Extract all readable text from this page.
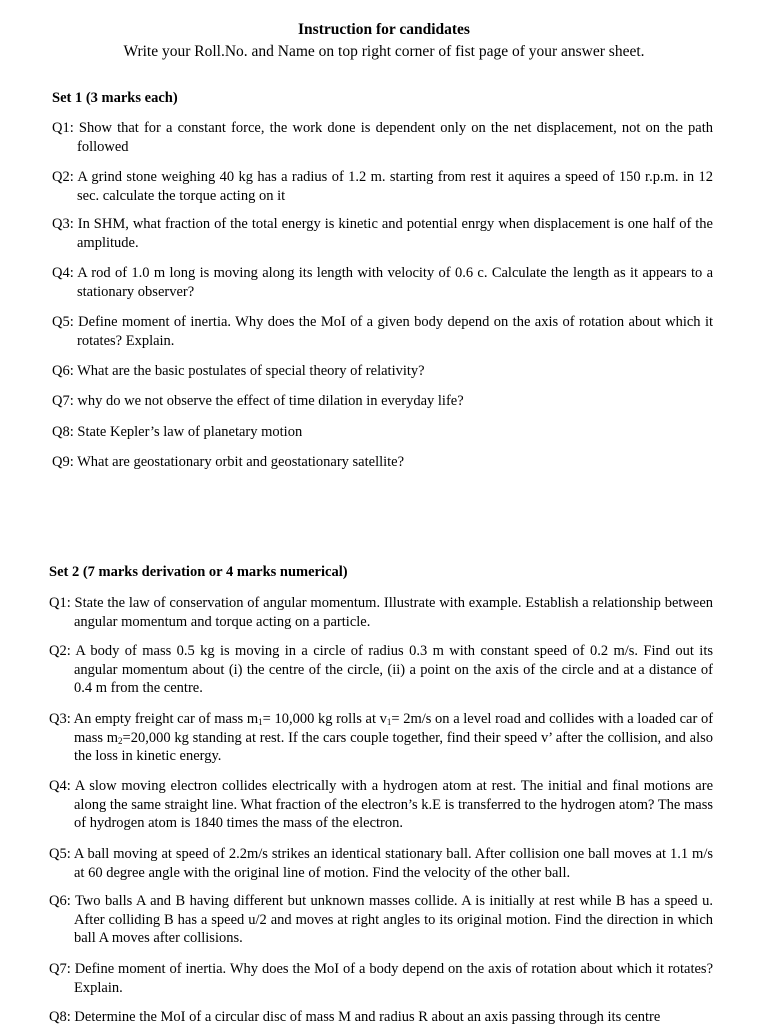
Instruction for candidates
Write your Roll.No. and Name on top right corner of fist page of your answer sheet.
Set 1 (3 marks each)
Q1: Show that for a constant force, the work done is dependent only on the net displacement, not on the path followed
Q2: A grind stone weighing 40 kg has a radius of 1.2 m. starting from rest it aquires a speed of 150 r.p.m. in 12 sec. calculate the torque acting on it
Q3: In SHM, what fraction of the total energy is kinetic and potential enrgy when displacement is one half of the amplitude.
Q4: A rod of 1.0 m long is moving along its length with velocity of 0.6 c. Calculate the length as it appears to a stationary observer?
Q5: Define moment of inertia. Why does the MoI of a given body depend on the axis of rotation about which it rotates? Explain.
Q6: What are the basic postulates of special theory of relativity?
Q7: why do we not observe the effect of time dilation in everyday life?
Q8: State Kepler’s law of planetary motion
Q9: What are geostationary orbit and geostationary satellite?
Set 2 (7 marks derivation or 4 marks numerical)
Q1: State the law of conservation of angular momentum. Illustrate with example. Establish a relationship between angular momentum and torque acting on a particle.
Q2: A body of mass 0.5 kg is moving in a circle of radius 0.3 m with constant speed of 0.2 m/s. Find out its angular momentum about (i) the centre of the circle, (ii) a point on the axis of the circle and at a distance of 0.4 m from the centre.
Q3: An empty freight car of mass $m_1= 10,000$ kg rolls at $v_1= 2m/s$ on a level road and collides with a loaded car of mass $m_2=20,000$ kg standing at rest. If the cars couple together, find their speed v’ after the collision, and also the loss in kinetic energy.
Q4: A slow moving electron collides electrically with a hydrogen atom at rest. The initial and final motions are along the same straight line. What fraction of the electron’s k.E is transferred to the hydrogen atom? The mass of hydrogen atom is 1840 times the mass of the electron.
Q5: A ball moving at speed of 2.2m/s strikes an identical stationary ball. After collision one ball moves at 1.1 m/s at 60 degree angle with the original line of motion. Find the velocity of the other ball.
Q6: Two balls A and B having different but unknown masses collide. A is initially at rest while B has a speed u. After colliding B has a speed u/2 and moves at right angles to its original motion. Find the direction in which ball A moves after collisions.
Q7: Define moment of inertia. Why does the MoI of a body depend on the axis of rotation about which it rotates? Explain.
Q8: Determine the MoI of a circular disc of mass M and radius R about an axis passing through its centre
